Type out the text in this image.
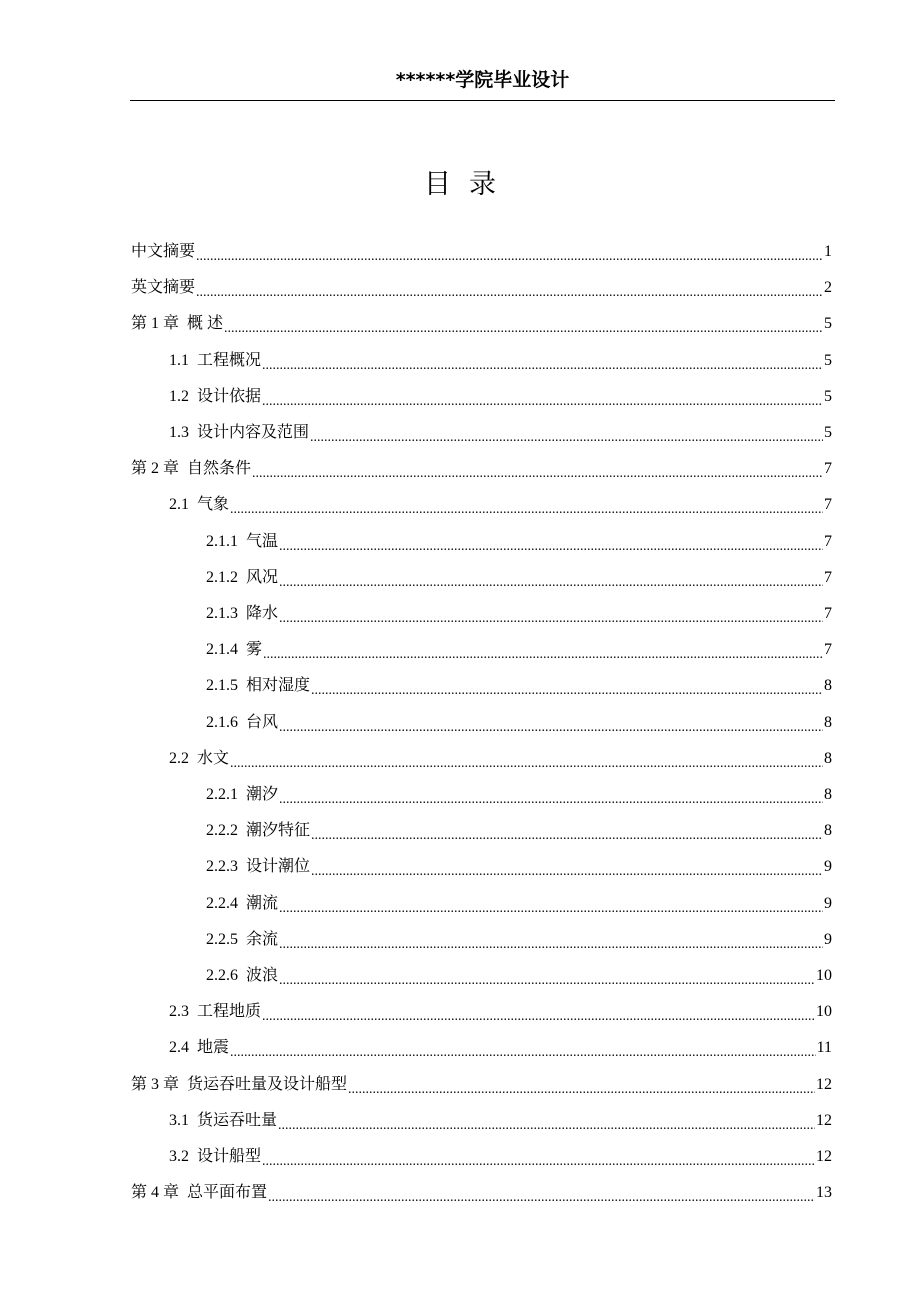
******学院毕业设计
目录
中文摘要 .....	1
英文摘要 .....	2
第 1 章 概 述 .....	5
1.1 工程概况 .....	5
1.2 设计依据 .....	5
1.3 设计内容及范围 .....	5
第 2 章 自然条件 .....	7
2.1 气象 .....	7
2.1.1 气温 .....	7
2.1.2 风况 .....	7
2.1.3 降水 .....	7
2.1.4 雾 .....	7
2.1.5 相对湿度 .....	8
2.1.6 台风 .....	8
2.2 水文 .....	8
2.2.1 潮汐 .....	8
2.2.2 潮汐特征 .....	8
2.2.3 设计潮位 .....	9
2.2.4 潮流 .....	9
2.2.5 余流 .....	9
2.2.6 波浪 .....	10
2.3 工程地质 .....	10
2.4 地震 .....	11
第 3 章 货运吞吐量及设计船型 .....	12
3.1 货运吞吐量 .....	12
3.2 设计船型 .....	12
第 4 章 总平面布置 .....	13
